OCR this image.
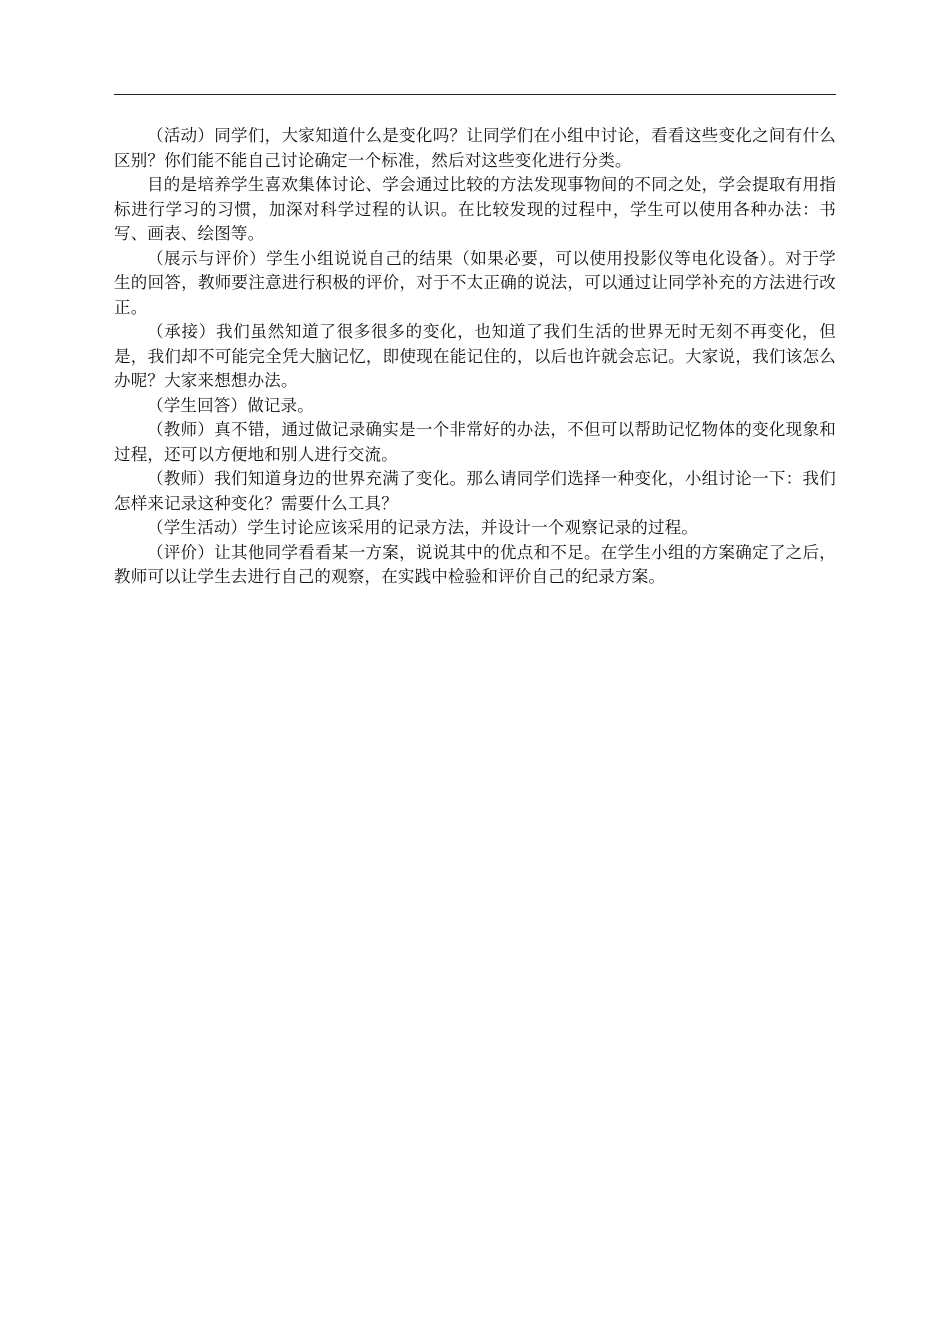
（活动）同学们，大家知道什么是变化吗？让同学们在小组中讨论，看看这些变化之间有什么区别？你们能不能自己讨论确定一个标准，然后对这些变化进行分类。

目的是培养学生喜欢集体讨论、学会通过比较的方法发现事物间的不同之处，学会提取有用指标进行学习的习惯，加深对科学过程的认识。在比较发现的过程中，学生可以使用各种办法：书写、画表、绘图等。

（展示与评价）学生小组说说自己的结果（如果必要，可以使用投影仪等电化设备）。对于学生的回答，教师要注意进行积极的评价，对于不太正确的说法，可以通过让同学补充的方法进行改正。

（承接）我们虽然知道了很多很多的变化，也知道了我们生活的世界无时无刻不再变化，但是，我们却不可能完全凭大脑记忆，即使现在能记住的，以后也许就会忘记。大家说，我们该怎么办呢？大家来想想办法。

（学生回答）做记录。

（教师）真不错，通过做记录确实是一个非常好的办法，不但可以帮助记忆物体的变化现象和过程，还可以方便地和别人进行交流。

（教师）我们知道身边的世界充满了变化。那么请同学们选择一种变化，小组讨论一下：我们怎样来记录这种变化？需要什么工具？

（学生活动）学生讨论应该采用的记录方法，并设计一个观察记录的过程。

（评价）让其他同学看看某一方案，说说其中的优点和不足。在学生小组的方案确定了之后，教师可以让学生去进行自己的观察，在实践中检验和评价自己的纪录方案。
